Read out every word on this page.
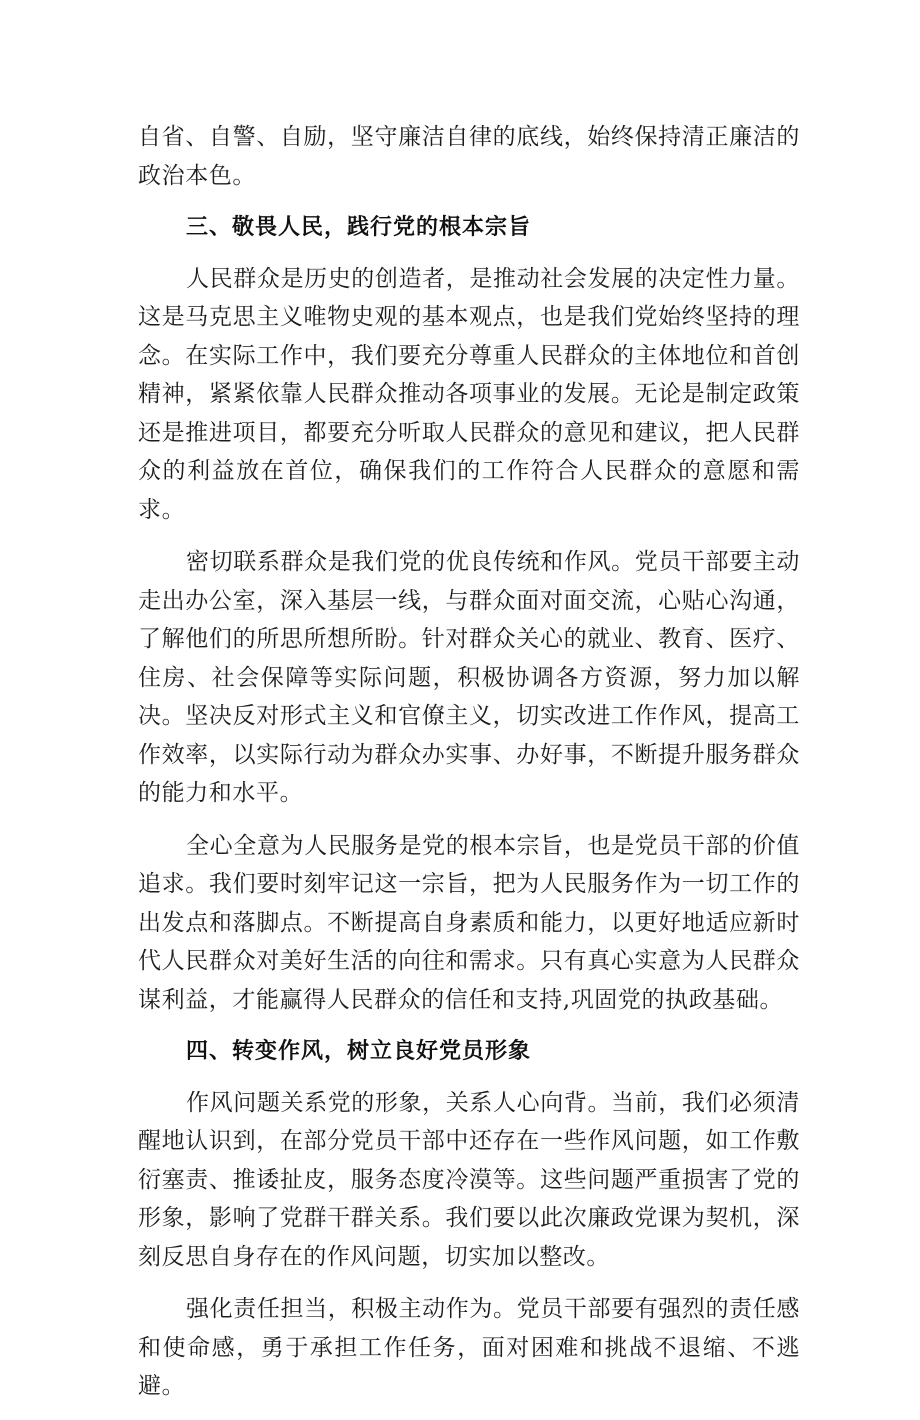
自省、自警、自励，坚守廉洁自律的底线，始终保持清正廉洁的政治本色。

三、敬畏人民，践行党的根本宗旨

人民群众是历史的创造者，是推动社会发展的决定性力量。这是马克思主义唯物史观的基本观点，也是我们党始终坚持的理念。在实际工作中，我们要充分尊重人民群众的主体地位和首创精神，紧紧依靠人民群众推动各项事业的发展。无论是制定政策还是推进项目，都要充分听取人民群众的意见和建议，把人民群众的利益放在首位，确保我们的工作符合人民群众的意愿和需求。

密切联系群众是我们党的优良传统和作风。党员干部要主动走出办公室，深入基层一线，与群众面对面交流，心贴心沟通，了解他们的所思所想所盼。针对群众关心的就业、教育、医疗、住房、社会保障等实际问题，积极协调各方资源，努力加以解决。坚决反对形式主义和官僚主义，切实改进工作作风，提高工作效率，以实际行动为群众办实事、办好事，不断提升服务群众的能力和水平。

全心全意为人民服务是党的根本宗旨，也是党员干部的价值追求。我们要时刻牢记这一宗旨，把为人民服务作为一切工作的出发点和落脚点。不断提高自身素质和能力，以更好地适应新时代人民群众对美好生活的向往和需求。只有真心实意为人民群众谋利益，才能赢得人民群众的信任和支持,巩固党的执政基础。

四、转变作风，树立良好党员形象

作风问题关系党的形象，关系人心向背。当前，我们必须清醒地认识到，在部分党员干部中还存在一些作风问题，如工作敷衍塞责、推诿扯皮，服务态度冷漠等。这些问题严重损害了党的形象，影响了党群干群关系。我们要以此次廉政党课为契机，深刻反思自身存在的作风问题，切实加以整改。

强化责任担当，积极主动作为。党员干部要有强烈的责任感和使命感，勇于承担工作任务，面对困难和挑战不退缩、不逃避。
